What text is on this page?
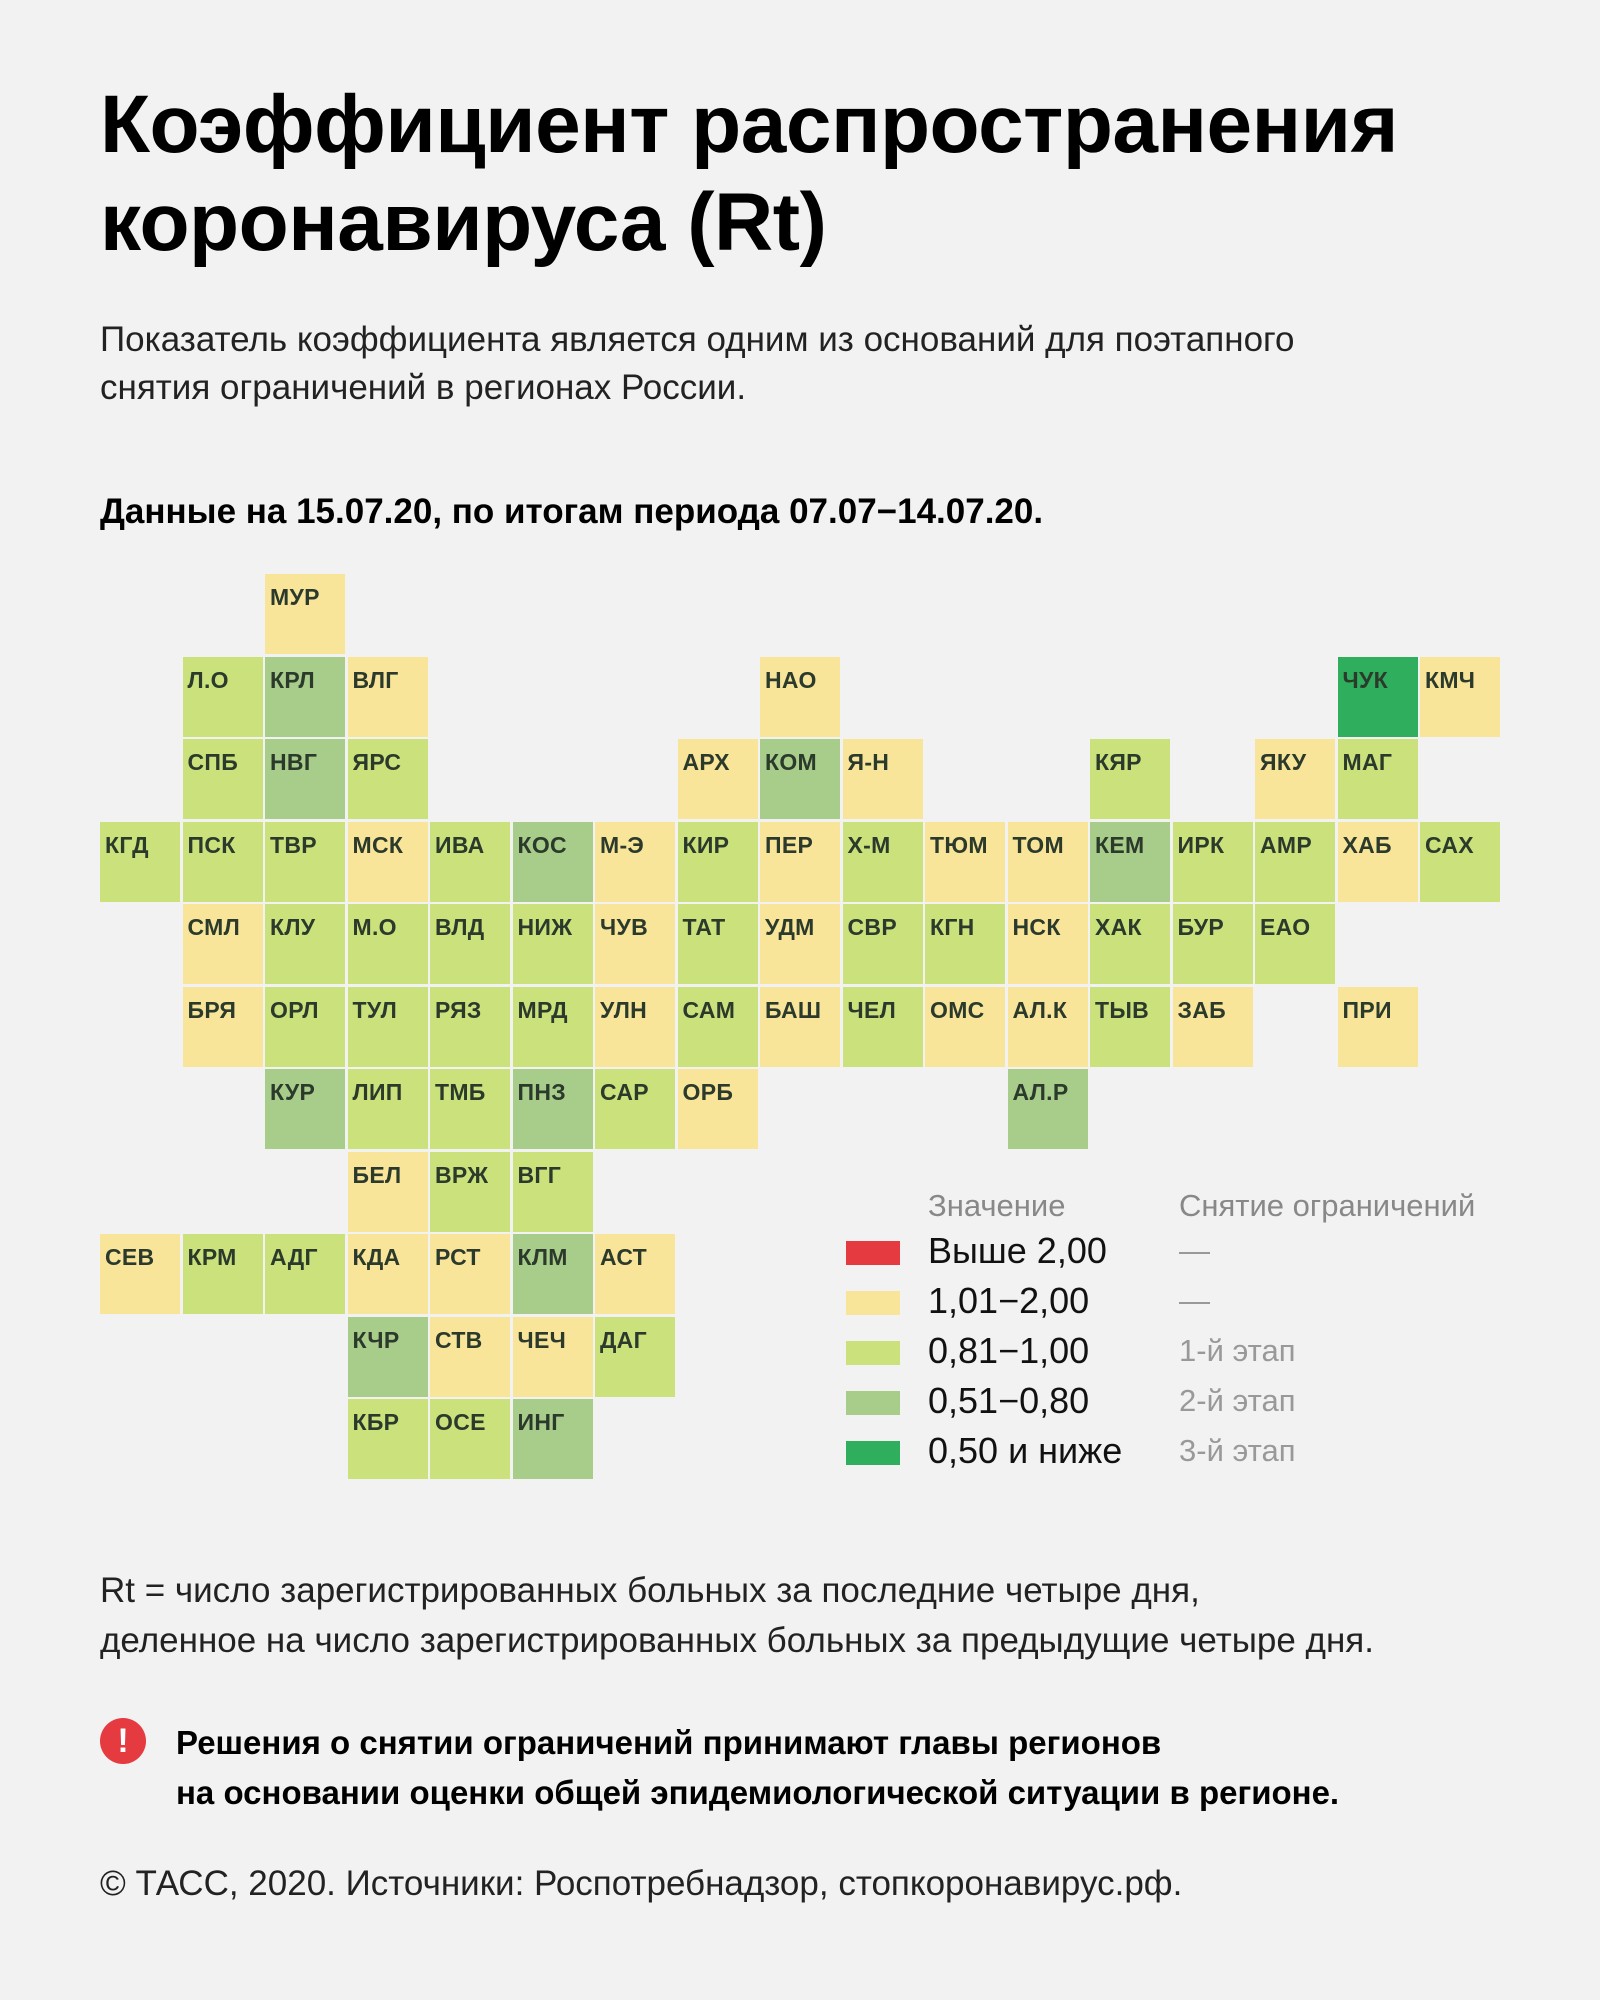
Коэффициент распространения
коронавируса (Rt)
Показатель коэффициента является одним из оснований для поэтапного
снятия ограничений в регионах России.
Данные на 15.07.20, по итогам периода 07.07−14.07.20.
МУР
Л.О КРЛ ВЛГ	НАО	ЧУК КМЧ
СПБ НВГ ЯРС	АРХ КОМ Я-Н	КЯР	ЯКУ МАГ
КГД ПСК ТВР МСК ИВА КОС М-Э КИР ПЕР Х-М ТЮМ ТОМ КЕМ ИРК АМР ХАБ САХ
СМЛ КЛУ М.О ВЛД НИЖ ЧУВ ТАТ УДМ СВР КГН НСК ХАК БУР ЕАО
БРЯ ОРЛ ТУЛ РЯЗ МРД УЛН САМ БАШ ЧЕЛ ОМС АЛ.К ТЫВ ЗАБ	ПРИ
КУР ЛИП ТМБ ПНЗ САР ОРБ	АЛ.Р
БЕЛ ВРЖ ВГГ
СЕВ КРМ АДГ КДА РСТ КЛМ АСТ
КЧР СТВ ЧЕЧ ДАГ
КБР ОСЕ ИНГ
Значение	Снятие ограничений
Выше 2,00 —
1,01−2,00	—
0,81−1,00	1-й этап
0,51−0,80	2-й этап
0,50 и ниже 3-й этап
Rt = число зарегистрированных больных за последние четыре дня,
деленное на число зарегистрированных больных за предыдущие четыре дня.
!	Решения о снятии ограничений принимают главы регионов
на основании оценки общей эпидемиологической ситуации в регионе.
© ТАСС, 2020. Источники: Роспотребнадзор, стопкоронавирус.рф.
